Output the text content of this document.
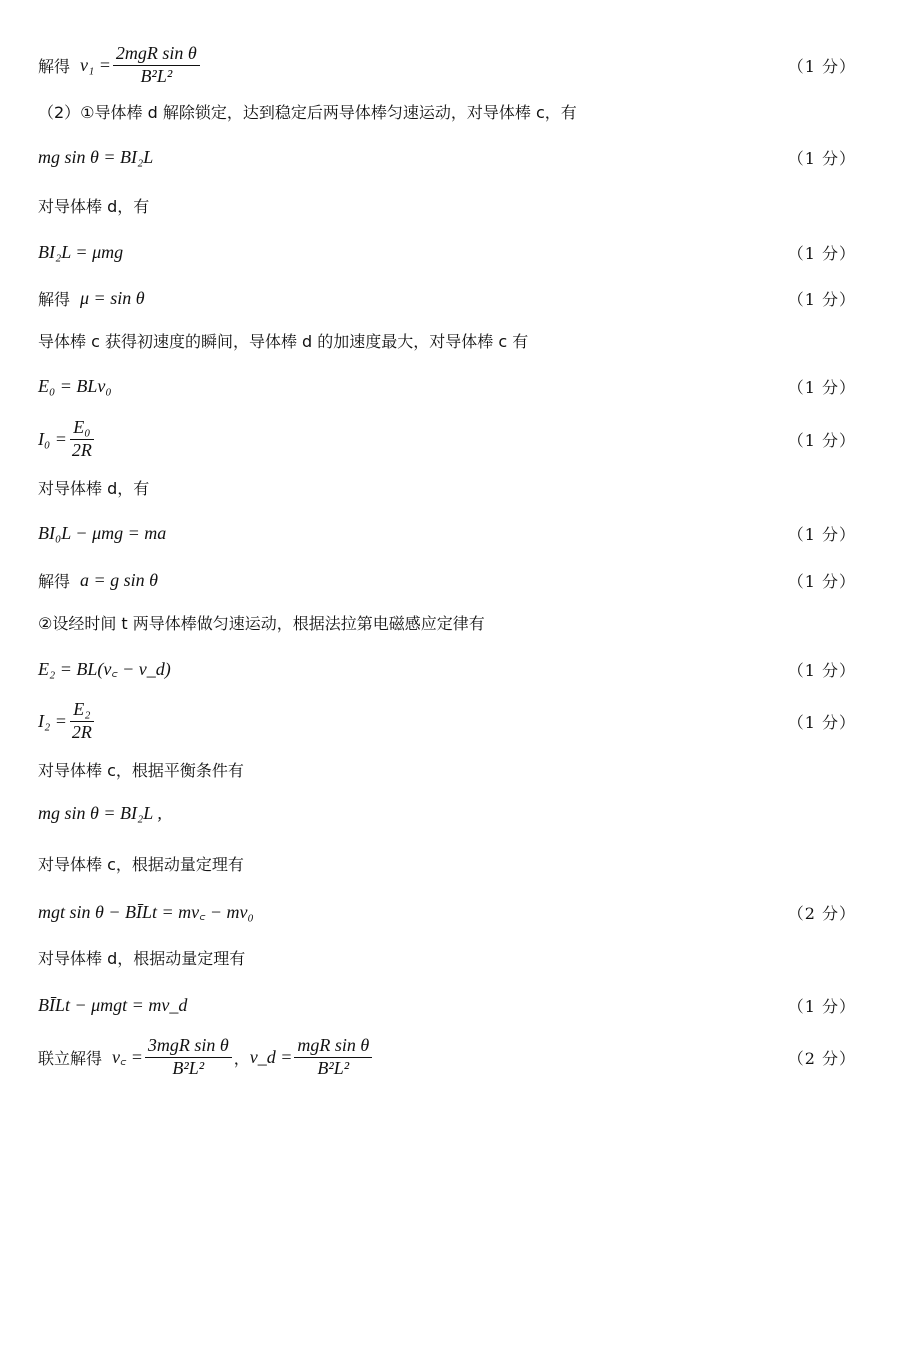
解得 $v_1 = \frac{\text{2mgR sin θ}}{\text{B²L²}}$	（1 分）
（2）①导体棒 d 解除锁定，达到稳定后两导体棒匀速运动，对导体棒 c，有
mg sin θ = BI₂L	（1 分）
对导体棒 d，有
BI₂L = μmg	（1 分）
解得 μ = sin θ	（1 分）
导体棒 c 获得初速度的瞬间，导体棒 d 的加速度最大，对导体棒 c 有
E₀ = BLv₀	（1 分）
$I_0 = \frac{\text{E₀}}{2R}$	（1 分）
对导体棒 d，有
BI₀L − μmg = ma	（1 分）
解得 a = g sin θ	（1 分）
②设经时间 t 两导体棒做匀速运动，根据法拉第电磁感应定律有
E₂ = BL(v꜀ − v_d)	（1 分）
$I_2 = \frac{\text{E₂}}{2R}$	（1 分）
对导体棒 c，根据平衡条件有
mg sin θ = BI₂L ,
对导体棒 c，根据动量定理有
mgt sin θ − BĪLt = mv꜀ − mv₀	（2 分）
对导体棒 d，根据动量定理有
BĪLt − μmgt = mv_d	（1 分）
联立解得 v꜀ = $\frac{\text{3mgR sin θ}}{\text{B²L²}}$ ， v_d = $\frac{\text{mgR sin θ}}{\text{B²L²}}$	（2 分）
